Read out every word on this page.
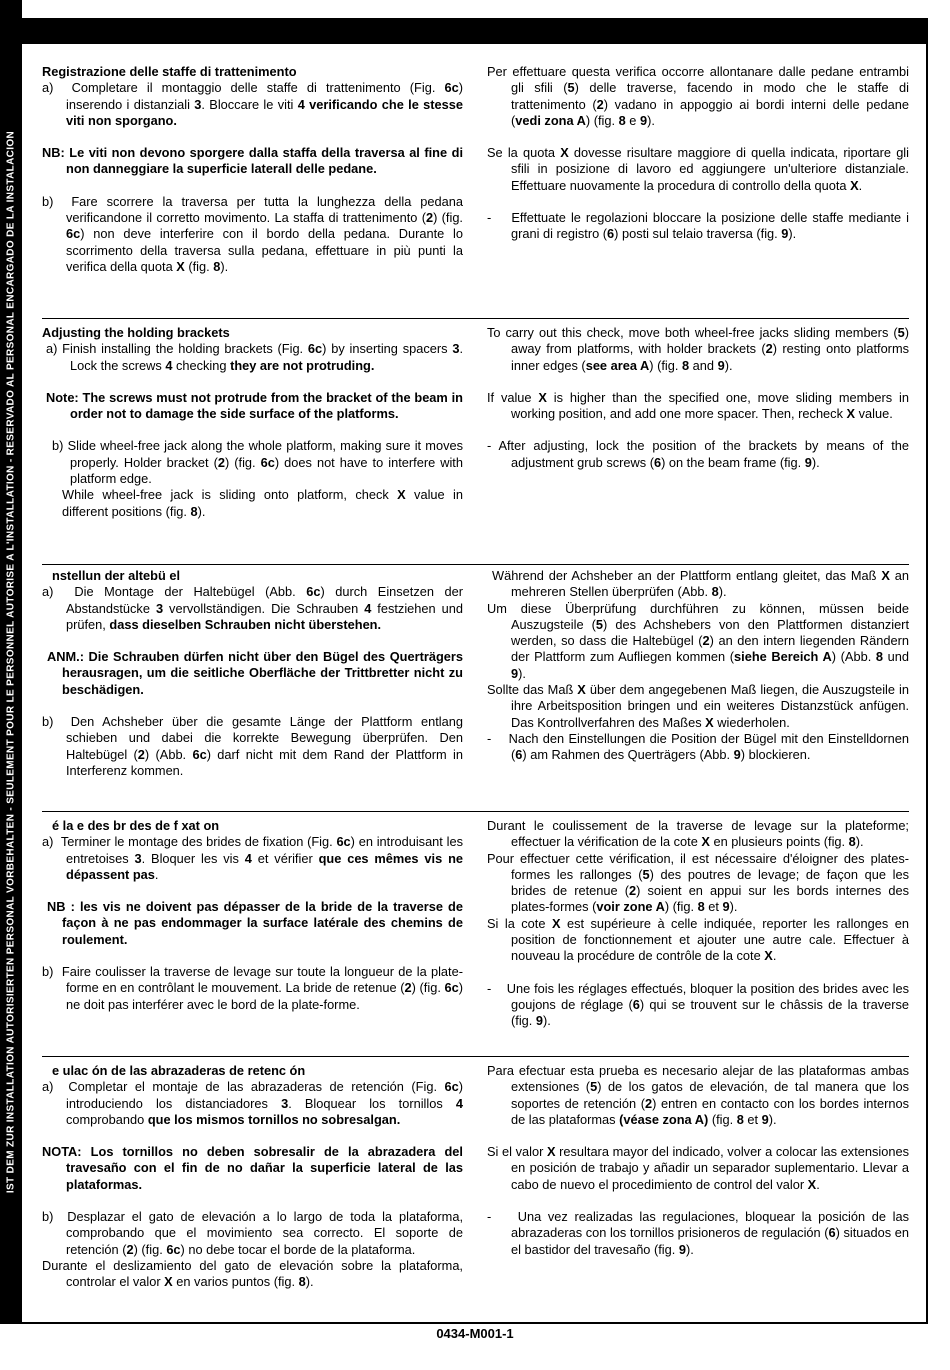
IST DEM ZUR INSTALLATION AUTORISIERTEN PERSONAL VORBEHALTEN - SEULEMENT POUR LE PERSONNEL AUTORISE A L'INSTALLATION - RESERVADO AL PERSONAL ENCARGADO DE LA INSTALACION
Registrazione delle staffe di trattenimento

a)  Completare il montaggio delle staffe di trattenimento (Fig. 6c) inserendo i distanziali 3. Bloccare le viti 4 verificando che le stesse viti non sporgano.

NB: Le viti non devono sporgere dalla staffa della traversa al fine di non danneggiare la superficie laterall delle pedane.

b)  Fare scorrere la traversa per tutta la lunghezza della pedana verificandone il corretto movimento. La staffa di trattenimento (2) (fig. 6c) non deve interferire con il bordo della pedana. Durante lo scorrimento della traversa sulla pedana, effettuare in più punti la verifica della quota X (fig. 8).

Per effettuare questa verifica occorre allontanare dalle pedane entrambi gli sfili (5) delle traverse, facendo in modo che le staffe di trattenimento (2) vadano in appoggio ai bordi interni delle pedane (vedi zona A) (fig. 8 e 9).

Se la quota X dovesse risultare maggiore di quella indicata, riportare gli sfili in posizione di lavoro ed aggiungere un'ulteriore distanziale. Effettuare nuovamente la procedura di controllo della quota X.

-    Effettuate le regolazioni bloccare la posizione delle staffe mediante i grani di registro (6) posti sul telaio traversa (fig. 9).

Adjusting the holding brackets

a) Finish installing the holding brackets (Fig. 6c) by inserting spacers 3. Lock the screws 4 checking they are not protruding.

Note: The screws must not protrude from the bracket of the beam in order not to damage the side surface of the platforms.

b) Slide wheel-free jack along the whole platform, making sure it moves properly. Holder bracket (2) (fig. 6c) does not have to interfere with platform edge.

While wheel-free jack is sliding onto platform, check X value in different positions (fig. 8).

To carry out this check, move both wheel-free jacks sliding members (5) away from platforms, with holder brackets (2) resting onto platforms inner edges (see area A) (fig. 8 and 9).

If value X is higher than the specified one, move sliding members in working position, and add one more spacer. Then, recheck X value.

- After adjusting, lock the position of the brackets by means of the adjustment grub screws (6) on the beam frame (fig. 9).

nstellun der altebü el

a)  Die Montage der Haltebügel (Abb. 6c) durch Einsetzen der Abstandstücke 3 vervollständigen. Die Schrauben 4 festziehen und prüfen, dass dieselben Schrauben nicht überstehen.

ANM.: Die Schrauben dürfen nicht über den Bügel des Querträgers herausragen, um die seitliche Oberfläche der Trittbretter nicht zu beschädigen.

b)  Den Achsheber über die gesamte Länge der Plattform entlang schieben und dabei die korrekte Bewegung überprüfen. Den Haltebügel (2) (Abb. 6c) darf nicht mit dem Rand der Plattform in Interferenz kommen.

Während der Achsheber an der Plattform entlang gleitet, das Maß X an mehreren Stellen überprüfen (Abb. 8).

Um diese Überprüfung durchführen zu können, müssen beide Auszugsteile (5) des Achshebers von den Plattformen distanziert werden, so dass die Haltebügel (2) an den intern liegenden Rändern der Plattform zum Aufliegen kommen (siehe Bereich A) (Abb. 8 und 9).

Sollte das Maß X über dem angegebenen Maß liegen, die Auszugsteile in ihre Arbeitsposition bringen und ein weiteres Distanzstück anfügen. Das Kontrollverfahren des Maßes X wiederholen.

-    Nach den Einstellungen die Position der Bügel mit den Einstelldornen (6) am Rahmen des Querträgers (Abb. 9) blockieren.

é la e des br des de f xat on

a)  Terminer le montage des brides de fixation (Fig. 6c) en introduisant les entretoises 3. Bloquer les vis 4 et vérifier que ces mêmes vis ne dépassent pas.

NB : les vis ne doivent pas dépasser de la bride de la traverse de façon à ne pas endommager la surface latérale des chemins de roulement.

b)  Faire coulisser la traverse de levage sur toute la longueur de la plate-forme en en contrôlant le mouvement. La bride de retenue (2) (fig. 6c) ne doit pas interférer avec le bord de la plate-forme.

Durant le coulissement de la traverse de levage sur la plateforme; effectuer la vérification de la cote X en plusieurs points (fig. 8).

Pour effectuer cette vérification, il est nécessaire d'éloigner des plates-formes les rallonges (5) des poutres de levage; de façon que les brides de retenue (2) soient en appui sur les bords internes des plates-formes (voir zone A) (fig. 8 et 9).

Si la cote X est supérieure à celle indiquée, reporter les rallonges en position de fonctionnement et ajouter une autre cale. Effectuer à nouveau la procédure de contrôle de la cote X.

-    Une fois les réglages effectués, bloquer la position des brides avec les goujons de réglage (6) qui se trouvent sur le châssis de la traverse (fig. 9).

e ulac ón de las abrazaderas de retenc ón

a)  Completar el montaje de las abrazaderas de retención (Fig. 6c) introduciendo los distanciadores 3. Bloquear los tornillos 4 comprobando que los mismos tornillos no sobresalgan.

NOTA: Los tornillos no deben sobresalir de la abrazadera del travesaño con el fin de no dañar la superficie lateral de las plataformas.

b)  Desplazar el gato de elevación a lo largo de toda la plataforma, comprobando que el movimiento sea correcto. El soporte de retención (2) (fig. 6c) no debe tocar el borde de la plataforma.

Durante el deslizamiento del gato de elevación sobre la plataforma, controlar el valor X en varios puntos (fig. 8).

Para efectuar esta prueba es necesario alejar de las plataformas ambas extensiones (5) de los gatos de elevación, de tal manera que los soportes de retención (2) entren en contacto con los bordes internos de las plataformas (véase zona A) (fig. 8 et 9).

Si el valor X resultara mayor del indicado, volver a colocar las extensiones en posición de trabajo y añadir un separador suplementario. Llevar a cabo de nuevo el procedimiento de control del valor X.

-    Una vez realizadas las regulaciones, bloquear la posición de las abrazaderas con los tornillos prisioneros de regulación (6) situados en el bastidor del travesaño (fig. 9).

0434-M001-1
